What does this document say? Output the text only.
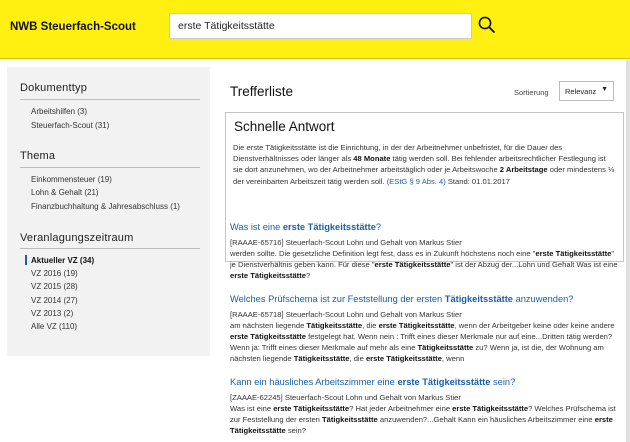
NWB Steuerfach-Scout
erste Tätigkeitsstätte
Dokumenttyp
Arbeitshilfen (3)
Steuerfach-Scout (31)
Thema
Einkommensteuer (19)
Lohn & Gehalt (21)
Finanzbuchhaltung & Jahresabschluss (1)
Veranlagungszeitraum
Aktueller VZ (34)
VZ 2016 (19)
VZ 2015 (28)
VZ 2014 (27)
VZ 2013 (2)
Alle VZ (110)
Trefferliste	Sortierung	Relevanz ▼
Schnelle Antwort
Die erste Tätigkeitsstätte ist die Einrichtung, in der der Arbeitnehmer unbefristet, für die Dauer des Dienstverhältnisses oder länger als 48 Monate tätig werden soll. Bei fehlender arbeitsrechtlicher Festlegung ist sie dort anzunehmen, wo der Arbeitnehmer arbeitstäglich oder je Arbeitswoche 2 Arbeitstage oder mindestens ⅓ der vereinbarten Arbeitszeit tätig werden soll. (EStG § 9 Abs. 4) Stand: 01.01.2017
Was ist eine erste Tätigkeitsstätte?
[RAAAE-65716] Steuerfach-Scout Lohn und Gehalt von Markus Stier
werden sollte. Die gesetzliche Definition legt fest, dass es in Zukunft höchstens noch eine "erste Tätigkeitsstätte" je Dienstverhältnis geben kann. Für diese "erste Tätigkeitsstätte" ist der Abzug der...Lohn und Gehalt Was ist eine erste Tätigkeitsstätte?
Welches Prüfschema ist zur Feststellung der ersten Tätigkeitsstätte anzuwenden?
[RAAAE-65718] Steuerfach-Scout Lohn und Gehalt von Markus Stier
am nächsten liegende Tätigkeitsstätte, die erste Tätigkeitsstätte, wenn der Arbeitgeber keine oder keine andere erste Tätigkeitsstätte festgelegt hat. Wenn nein : Trifft eines dieser Merkmale nur auf eine...Dritten tätig werden? Wenn ja: Trifft eines dieser Merkmale auf mehr als eine Tätigkeitsstätte zu? Wenn ja, ist die, der Wohnung am nächsten liegende Tätigkeitsstätte, die erste Tätigkeitsstätte, wenn
Kann ein häusliches Arbeitszimmer eine erste Tätigkeitsstätte sein?
[ZAAAE-62245] Steuerfach-Scout Lohn und Gehalt von Markus Stier
Was ist eine erste Tätigkeitsstätte? Hat jeder Arbeitnehmer eine erste Tätigkeitsstätte? Welches Prüfschema ist zur Feststellung der ersten Tätigkeitsstätte anzuwenden?...Gehalt Kann ein häusliches Arbeitszimmer eine erste Tätigkeitsstätte sein?
